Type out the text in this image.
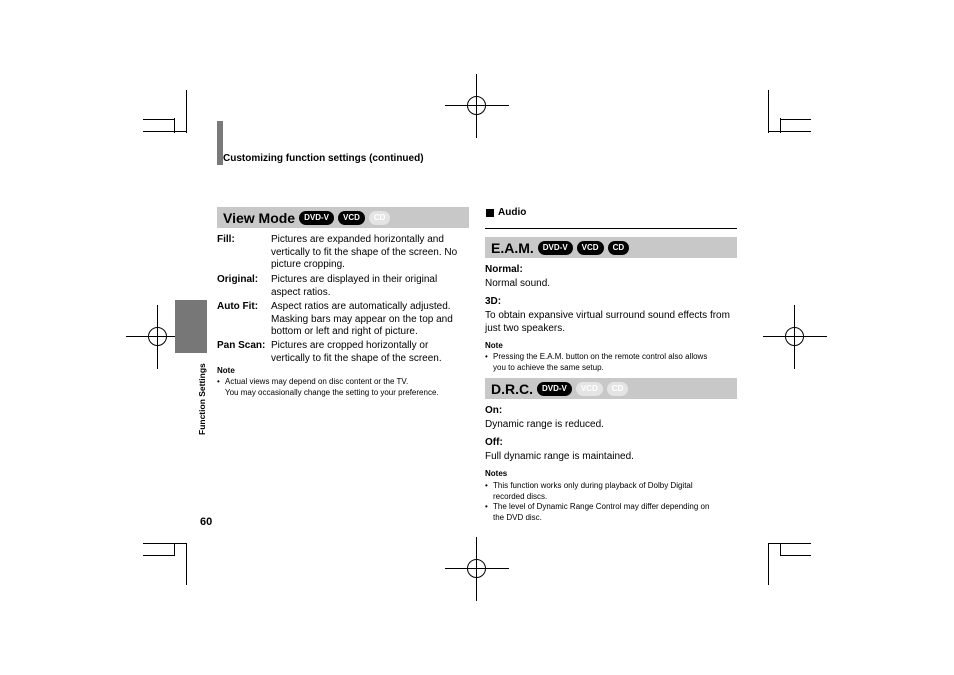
Customizing function settings (continued)
Function Settings
60
View Mode	DVD-V	VCD	CD
Fill:	Pictures are expanded horizontally and
vertically to fit the shape of the screen. No
picture cropping.
Original: Pictures are displayed in their original
aspect ratios.
Auto Fit: Aspect ratios are automatically adjusted.
Masking bars may appear on the top and
bottom or left and right of picture.
Pan Scan: Pictures are cropped horizontally or
vertically to fit the shape of the screen.
Note
• Actual views may depend on disc content or the TV.
You may occasionally change the setting to your preference.
Audio
E.A.M.	DVD-V	VCD	CD
Normal:
Normal sound.
3D:
To obtain expansive virtual surround sound effects from
just two speakers.
Note
• Pressing the E.A.M. button on the remote control also allows
you to achieve the same setup.
D.R.C.	DVD-V	VCD	CD
On:
Dynamic range is reduced.
Off:
Full dynamic range is maintained.
Notes
• This function works only during playback of Dolby Digital
recorded discs.
• The level of Dynamic Range Control may differ depending on
the DVD disc.
